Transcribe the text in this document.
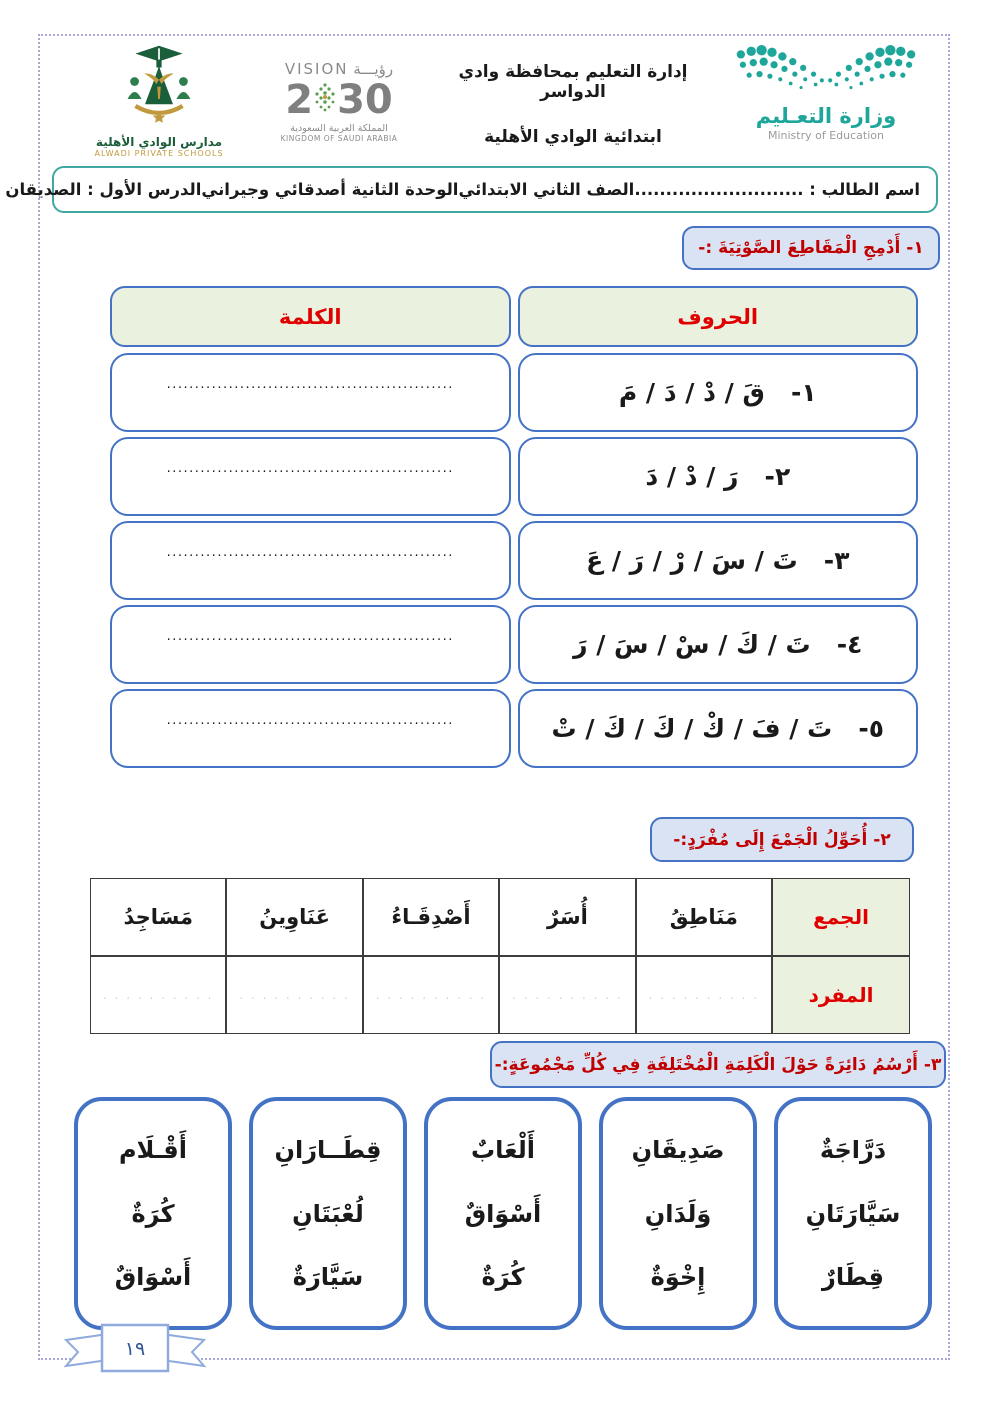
مدارس الوادي الأهلية
ALWADI PRIVATE SCHOOLS
رؤيـــة VISION
2 30
المملكة العربية السعودية
KINGDOM OF SAUDI ARABIA
إدارة التعليم بمحافظة وادي الدواسر
ابتدائية الوادي الأهلية
وزارة التعـليم
Ministry of Education
اسم الطالب : ...........................
الصف الثاني الابتدائي
الوحدة الثانية أصدقائي وجيراني
الدرس الأول : الصديقان
١- أَدْمِجِ الْمَقَاطِعَ الصَّوْتِيَةَ :-
الحروف
الكلمة
١-   قَ / دْ / دَ / مَ
...................................................
٢-   رَ / دْ / دَ
...................................................
٣-   تَ / سَ / رْ / رَ / عَ
...................................................
٤-   تَ / كَ / سْ / سَ / رَ
...................................................
٥-   تَ / فَ / كْ / كَ / كَ / تْ
...................................................
٢- أُحَوِّلُ الْجَمْعَ إِلَى مُفْرَدٍ:-
الجمع
مَنَاطِقُ
أُسَرٌ
أَصْدِقَـاءُ
عَنَاوِينُ
مَسَاجِدُ
المفرد
. . . . . . . . . .
. . . . . . . . . .
. . . . . . . . . .
. . . . . . . . . .
. . . . . . . . . .
٣- أَرْسُمُ دَائِرَةً حَوْلَ الْكَلِمَةِ الْمُخْتَلِفَةِ فِي كُلِّ مَجْمُوعَةٍ:-
دَرَّاجَةٌ
سَيَّارَتَانِ
قِطَارٌ
صَدِيقَانِ
وَلَدَانِ
إِخْوَةٌ
أَلْعَابٌ
أَسْوَاقٌ
كُرَةٌ
قِطَــارَانِ
لُعْبَتَانِ
سَيَّارَةٌ
أَقْـلَام
كُرَةٌ
أَسْوَاقٌ
١٩
